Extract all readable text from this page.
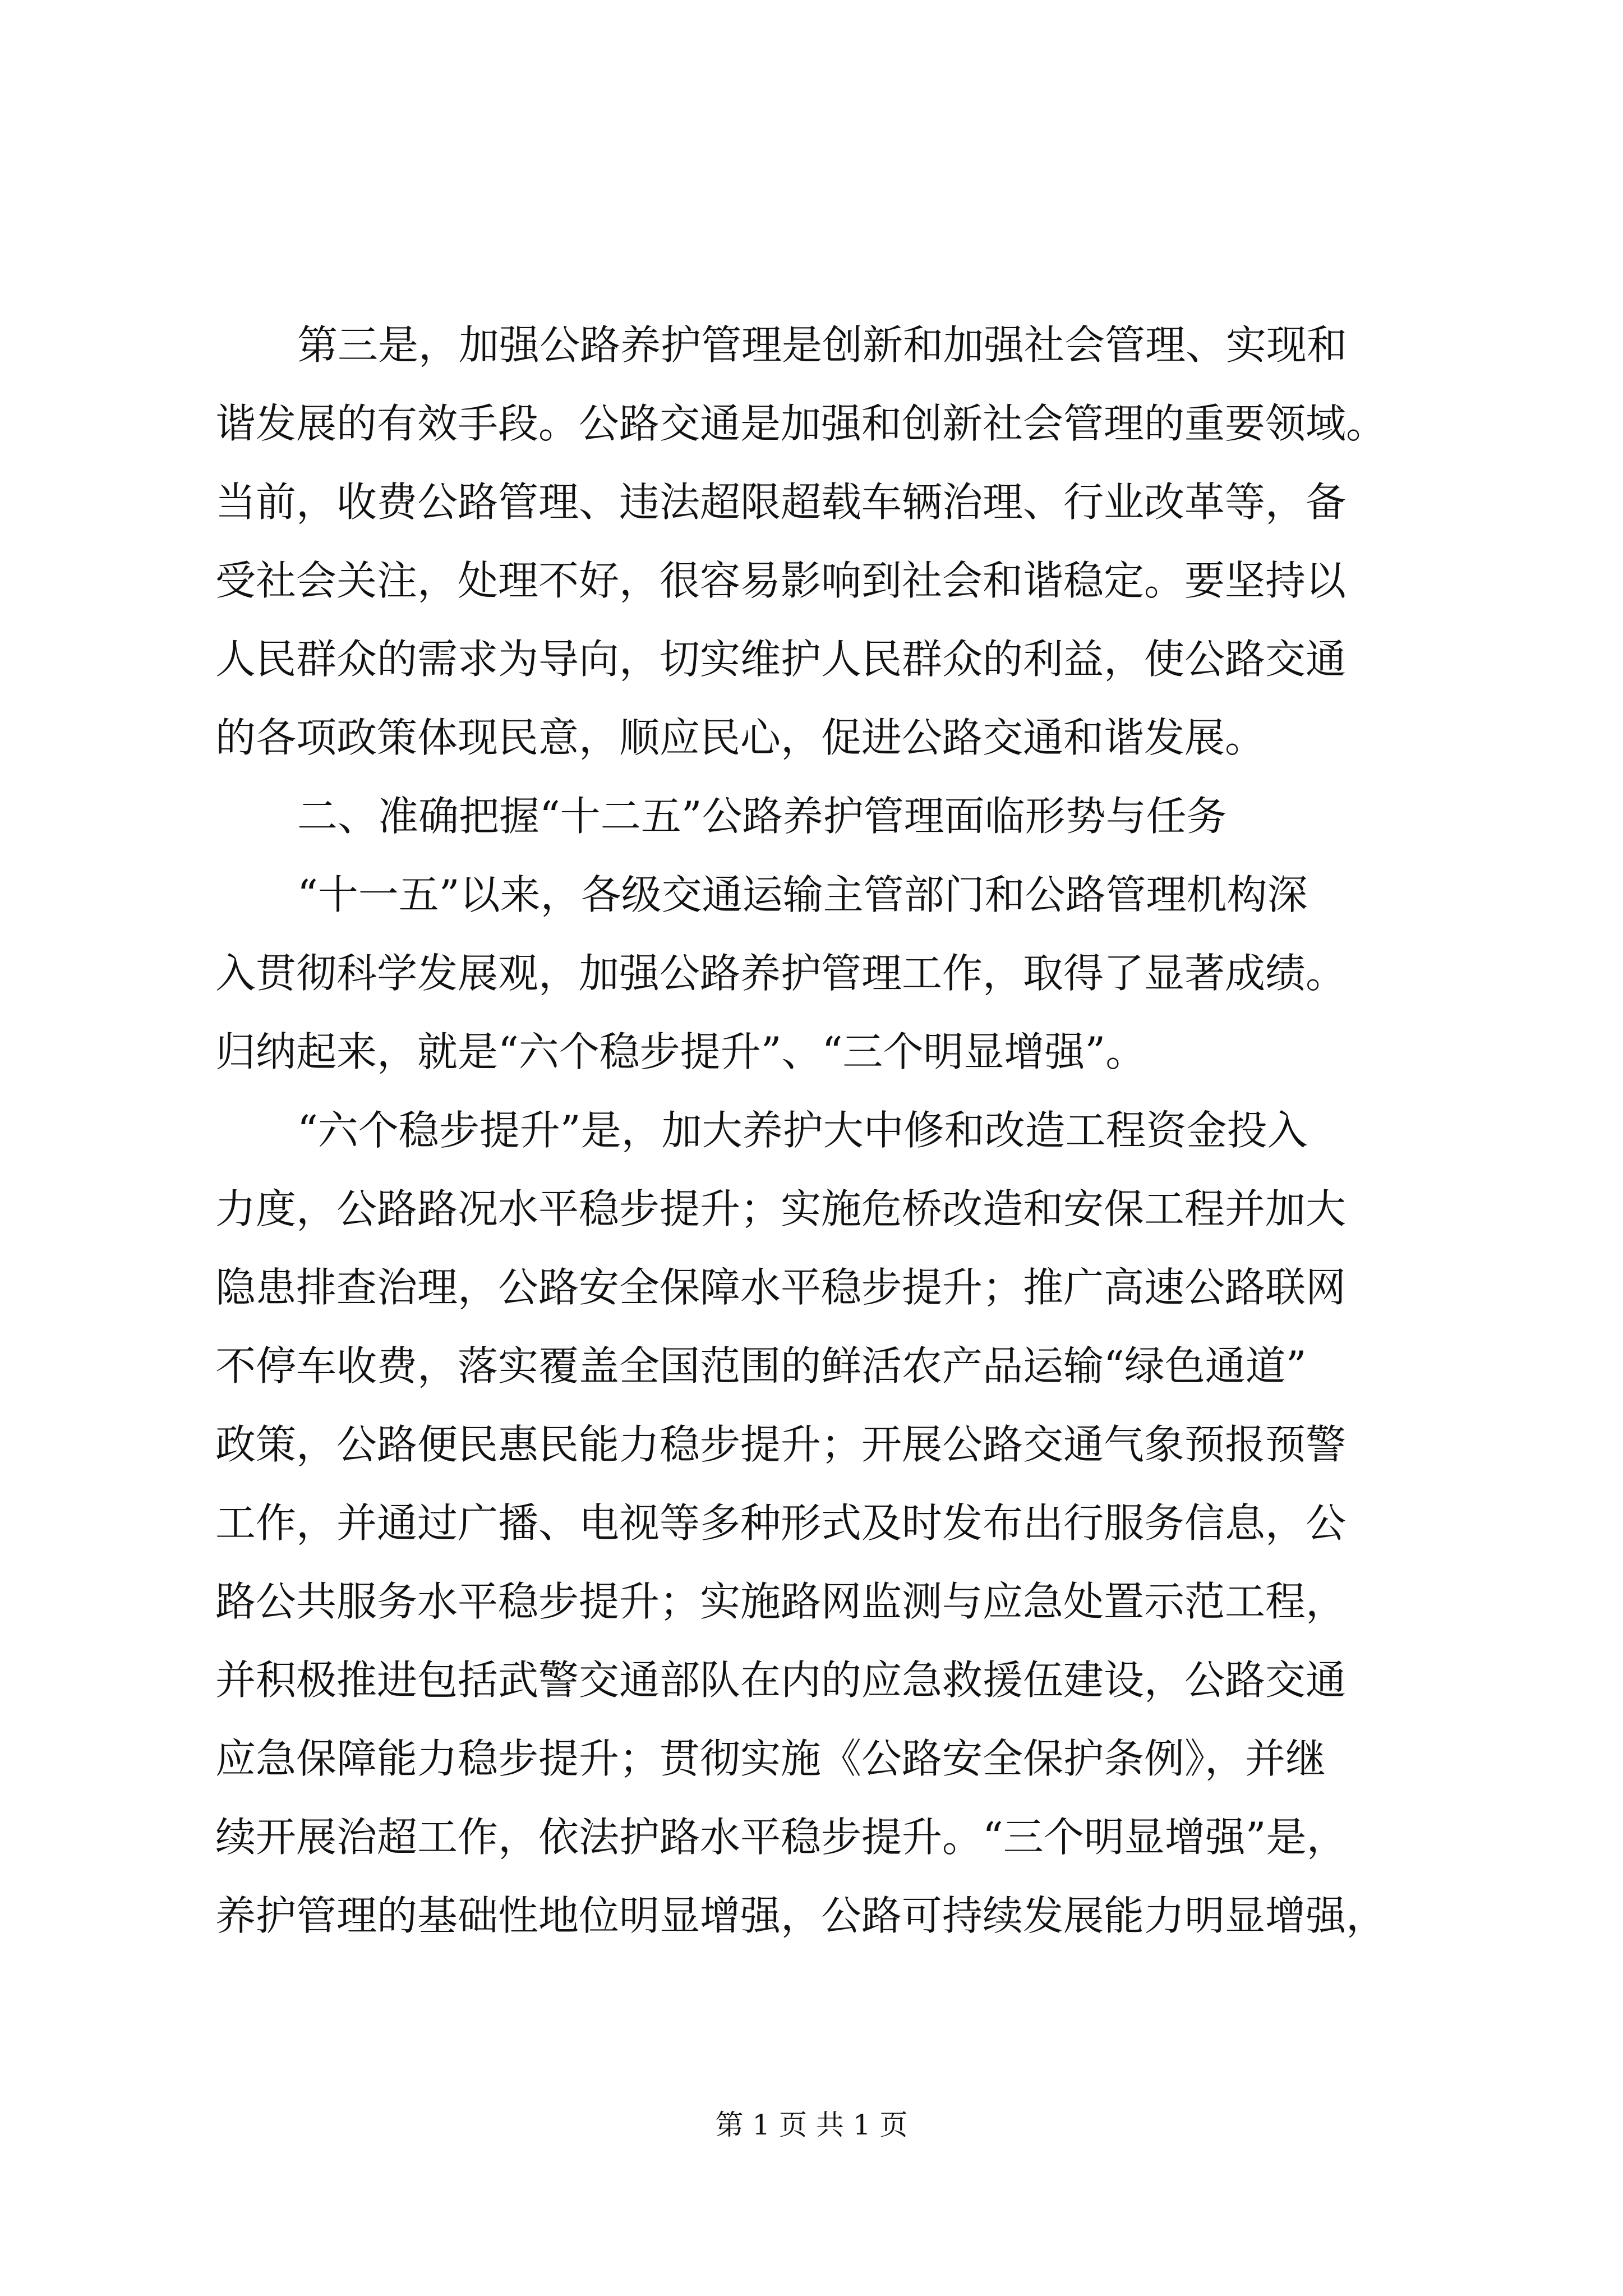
第三是，加强公路养护管理是创新和加强社会管理、实现和
谐发展的有效手段。公路交通是加强和创新社会管理的重要领域。
当前，收费公路管理、违法超限超载车辆治理、行业改革等，备
受社会关注，处理不好，很容易影响到社会和谐稳定。要坚持以
人民群众的需求为导向，切实维护人民群众的利益，使公路交通
的各项政策体现民意，顺应民心，促进公路交通和谐发展。
二、准确把握“十二五”公路养护管理面临形势与任务
“十一五”以来，各级交通运输主管部门和公路管理机构深
入贯彻科学发展观，加强公路养护管理工作，取得了显著成绩。
归纳起来，就是“六个稳步提升”、“三个明显增强”。
“六个稳步提升”是，加大养护大中修和改造工程资金投入
力度，公路路况水平稳步提升；实施危桥改造和安保工程并加大
隐患排查治理，公路安全保障水平稳步提升；推广高速公路联网
不停车收费，落实覆盖全国范围的鲜活农产品运输“绿色通道”
政策，公路便民惠民能力稳步提升；开展公路交通气象预报预警
工作，并通过广播、电视等多种形式及时发布出行服务信息，公
路公共服务水平稳步提升；实施路网监测与应急处置示范工程，
并积极推进包括武警交通部队在内的应急救援伍建设，公路交通
应急保障能力稳步提升；贯彻实施《公路安全保护条例》，并继
续开展治超工作，依法护路水平稳步提升。“三个明显增强”是，
养护管理的基础性地位明显增强，公路可持续发展能力明显增强，
第 1 页 共 1 页
